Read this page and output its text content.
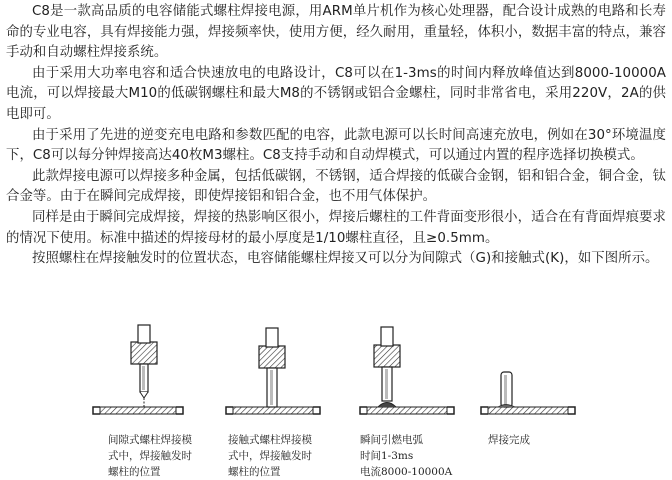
C8是一款高品质的电容储能式螺柱焊接电源，用ARM单片机作为核心处理器，配合设计成熟的电路和长寿命的专业电容，具有焊接能力强，焊接频率快，使用方便，经久耐用，重量轻，体积小，数据丰富的特点，兼容手动和自动螺柱焊接系统。

由于采用大功率电容和适合快速放电的电路设计，C8可以在1-3ms的时间内释放峰值达到8000-10000A电流，可以焊接最大M10的低碳钢螺柱和最大M8的不锈钢或铝合金螺柱，同时非常省电，采用220V，2A的供电即可。

由于采用了先进的逆变充电电路和参数匹配的电容，此款电源可以长时间高速充放电，例如在30°环境温度下，C8可以每分钟焊接高达40枚M3螺柱。C8支持手动和自动焊模式，可以通过内置的程序选择切换模式。

此款焊接电源可以焊接多种金属，包括低碳钢，不锈钢，适合焊接的低碳合金钢，铝和铝合金，铜合金，钛合金等。由于在瞬间完成焊接，即使焊接铝和铝合金，也不用气体保护。

同样是由于瞬间完成焊接，焊接的热影响区很小，焊接后螺柱的工件背面变形很小，适合在有背面焊痕要求的情况下使用。标准中描述的焊接母材的最小厚度是1/10螺柱直径，且≥0.5mm。

按照螺柱在焊接触发时的位置状态，电容储能螺柱焊接又可以分为间隙式（G)和接触式(K)，如下图所示。

间隙式螺柱焊接模
式中，焊接触发时
螺柱的位置
接触式螺柱焊接模
式中，焊接触发时
螺柱的位置
瞬间引燃电弧
时间1-3ms
电流8000-10000A
焊接完成
